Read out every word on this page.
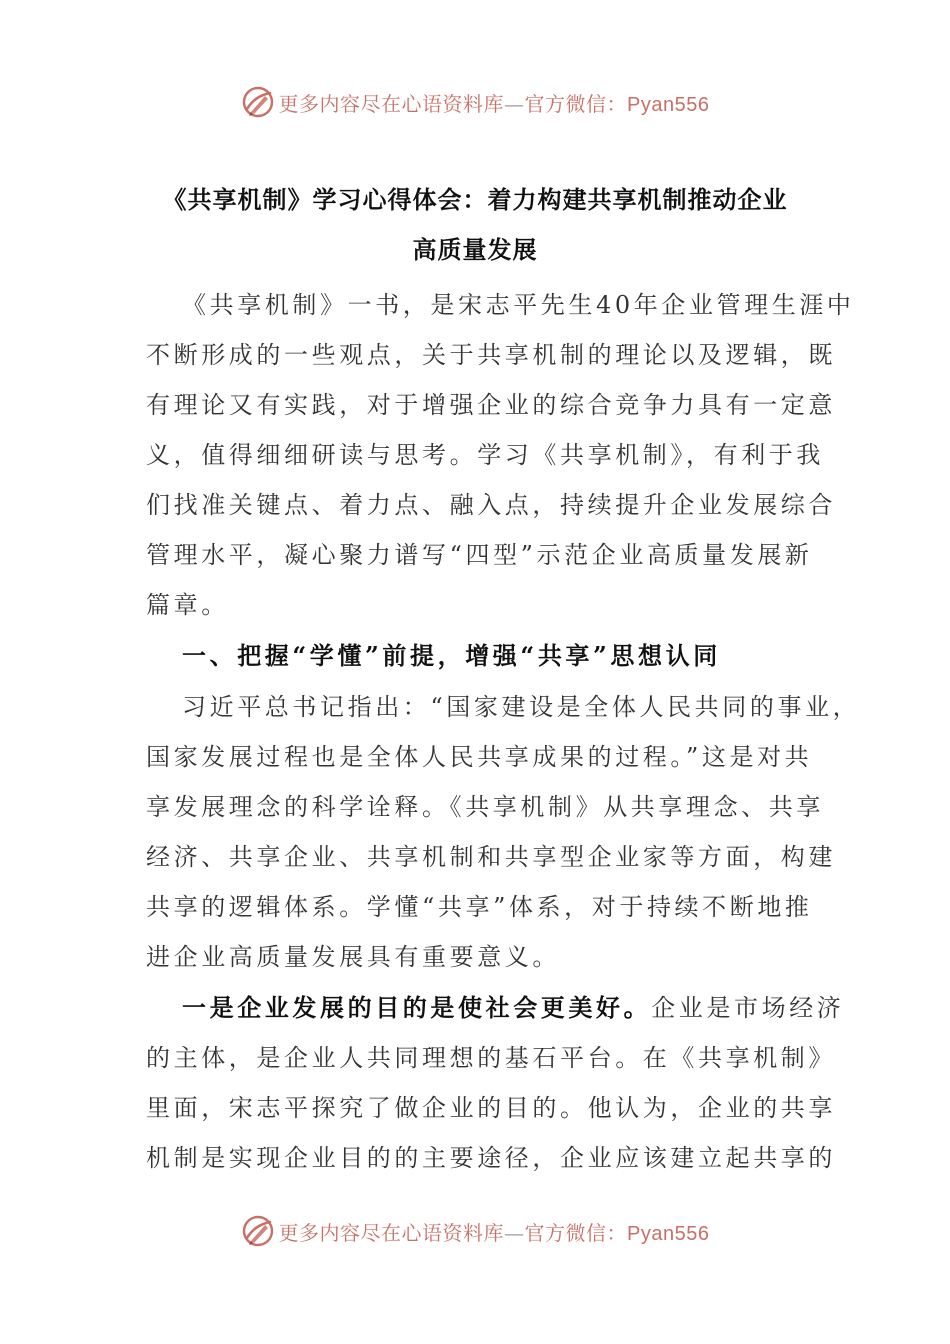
更多内容尽在心语资料库—官方微信：Pyan556
《共享机制》学习心得体会：着力构建共享机制推动企业
高质量发展
《共享机制》一书，是宋志平先生40年企业管理生涯中
不断形成的一些观点，关于共享机制的理论以及逻辑，既
有理论又有实践，对于增强企业的综合竞争力具有一定意
义，值得细细研读与思考。学习《共享机制》，有利于我
们找准关键点、着力点、融入点，持续提升企业发展综合
管理水平，凝心聚力谱写“四型”示范企业高质量发展新
篇章。
一、把握“学懂”前提，增强“共享”思想认同
习近平总书记指出：“国家建设是全体人民共同的事业，
国家发展过程也是全体人民共享成果的过程。”这是对共
享发展理念的科学诠释。《共享机制》从共享理念、共享
经济、共享企业、共享机制和共享型企业家等方面，构建
共享的逻辑体系。学懂“共享”体系，对于持续不断地推
进企业高质量发展具有重要意义。
一是企业发展的目的是使社会更美好。企业是市场经济
的主体，是企业人共同理想的基石平台。在《共享机制》
里面，宋志平探究了做企业的目的。他认为，企业的共享
机制是实现企业目的的主要途径，企业应该建立起共享的
更多内容尽在心语资料库—官方微信：Pyan556
